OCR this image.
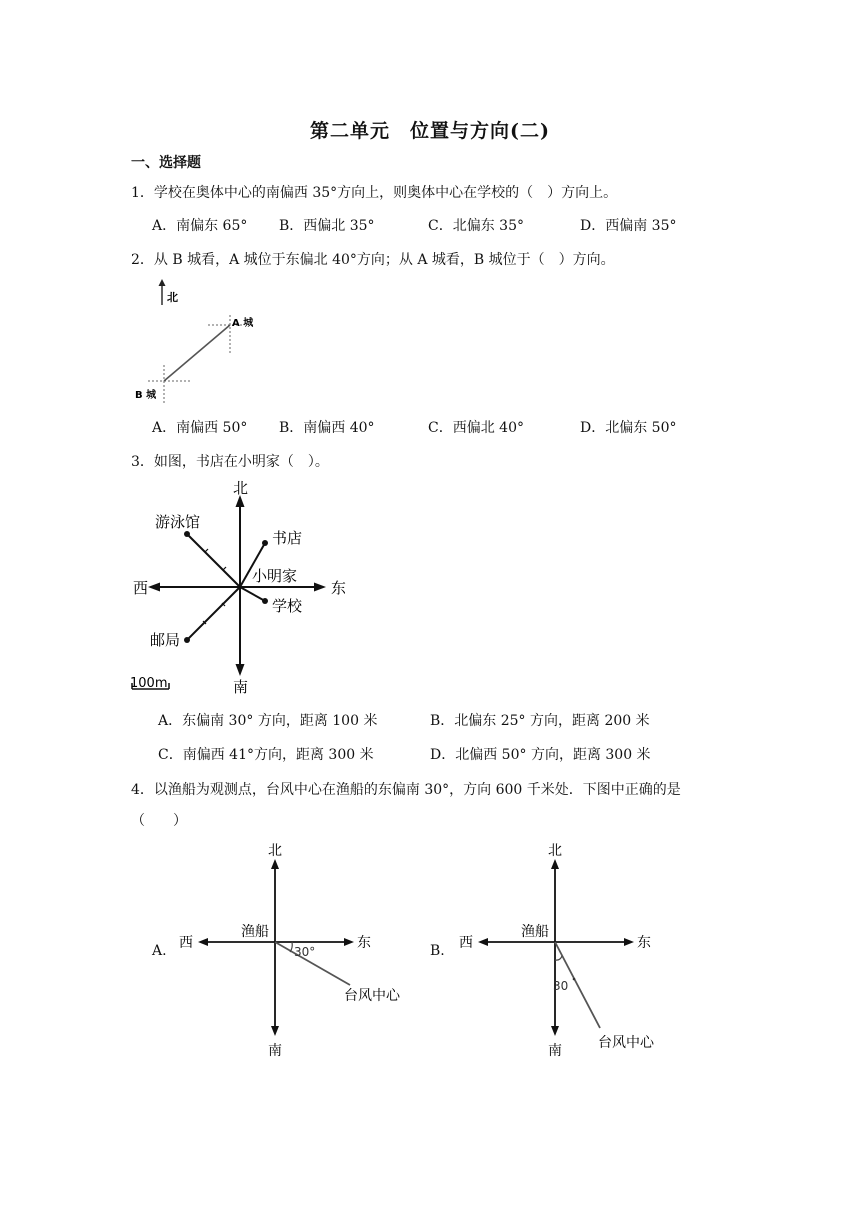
第二单元　位置与方向(二)
一、选择题
1．学校在奥体中心的南偏西 35°方向上，则奥体中心在学校的（　）方向上。
A．南偏东 65° B．西偏北 35°	C．北偏东 35°	D．西偏南 35°
2．从 B 城看，A 城位于东偏北 40°方向；从 A 城看，B 城位于（　）方向。
北
A 城
B 城
A．南偏西 50° B．南偏西 40°	C．西偏北 40°	D．北偏东 50°
3．如图，书店在小明家（　）。
北
南
西	东
书店
学校
游泳馆
邮局
小明家
100m
A．东偏南 30° 方向，距离 100 米	B．北偏东 25° 方向，距离 200 米
C．南偏西 41°方向，距离 300 米	D．北偏西 50° 方向，距离 300 米
4．以渔船为观测点，台风中心在渔船的东偏南 30°，方向 600 千米处．下图中正确的是
（　　）
A.
北
南
西	东
渔船
30°
台风中心
B.
北
南
西	东
渔船
30
台风中心
